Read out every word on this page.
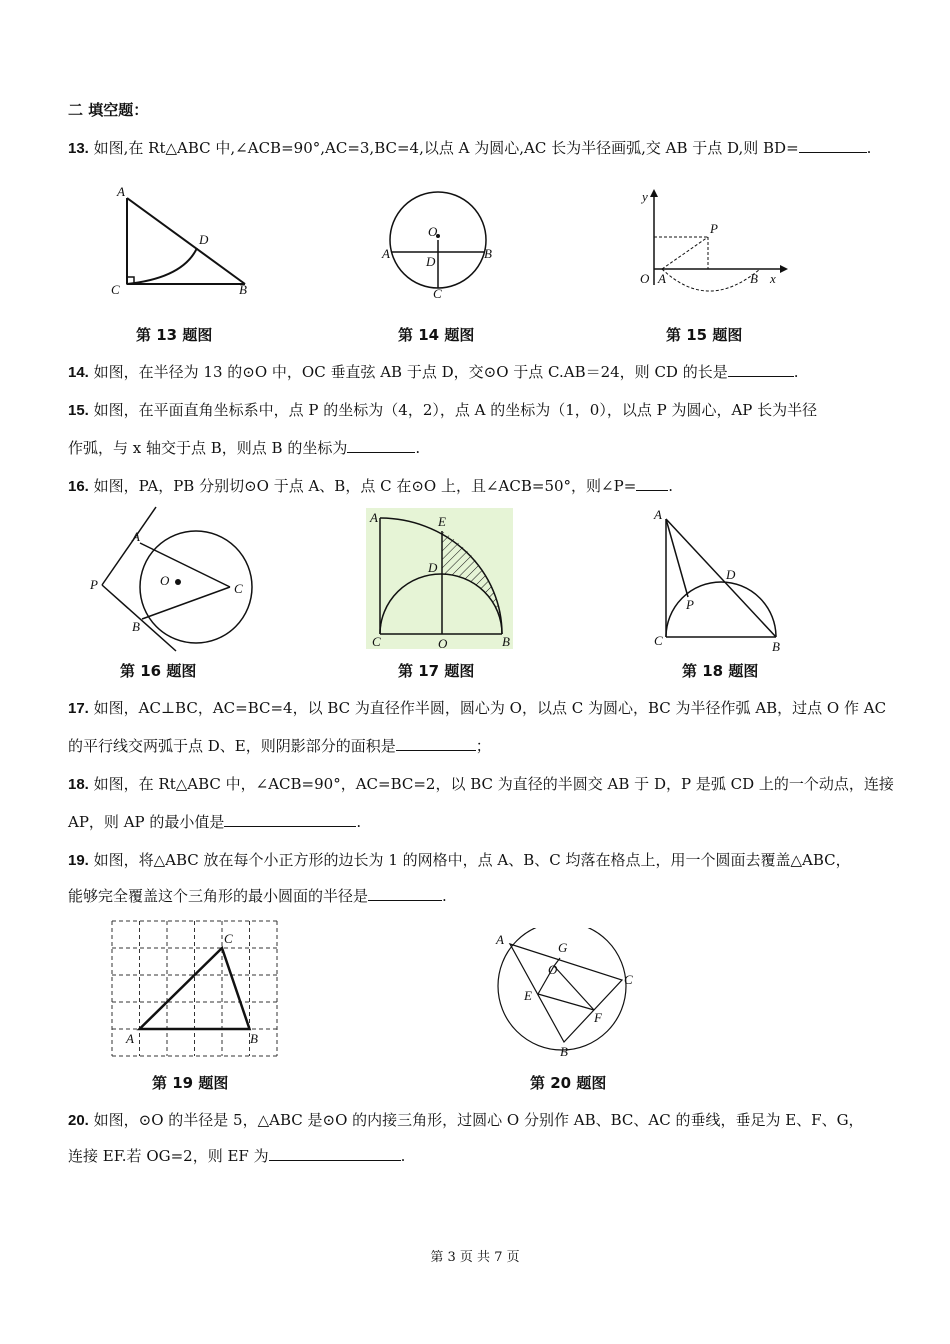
二 填空题：
13. 如图,在 Rt△ABC 中,∠ACB=90°,AC=3,BC=4,以点 A 为圆心,AC 长为半径画弧,交 AB 于点 D,则 BD=	.
A
D
C	B
O
A	B
D
C
y
P
O A	B x
第 13 题图	第 14 题图	第 15 题图
14. 如图，在半径为 13 的⊙O 中，OC 垂直弦 AB 于点 D，交⊙O 于点 C.AB＝24，则 CD 的长是	.
15. 如图，在平面直角坐标系中，点 P 的坐标为（4，2），点 A 的坐标为（1，0），以点 P 为圆心，AP 长为半径
作弧，与 x 轴交于点 B，则点 B 的坐标为	.
16. 如图，PA，PB 分别切⊙O 于点 A、B，点 C 在⊙O 上，且∠ACB=50°，则∠P= .
A
O
P	C
B
A	E
D
C	O	B
A
D
P
C	B
第 16 题图	第 17 题图	第 18 题图
17. 如图，AC⊥BC，AC=BC=4，以 BC 为直径作半圆，圆心为 O，以点 C 为圆心，BC 为半径作弧 AB，过点 O 作 AC
的平行线交两弧于点 D、E，则阴影部分的面积是	；
18. 如图，在 Rt△ABC 中，∠ACB=90°，AC=BC=2，以 BC 为直径的半圆交 AB 于 D，P 是弧 CD 上的一个动点，连接
AP，则 AP 的最小值是	.
19. 如图，将△ABC 放在每个小正方形的边长为 1 的网格中，点 A、B、C 均落在格点上，用一个圆面去覆盖△ABC，
能够完全覆盖这个三角形的最小圆面的半径是	.
C
A	B
A
G
O
C
E
F
B
第 19 题图	第 20 题图
20. 如图，⊙O 的半径是 5，△ABC 是⊙O 的内接三角形，过圆心 O 分别作 AB、BC、AC 的垂线，垂足为 E、F、G，
连接 EF.若 OG=2，则 EF 为	.
第 3 页 共 7 页
